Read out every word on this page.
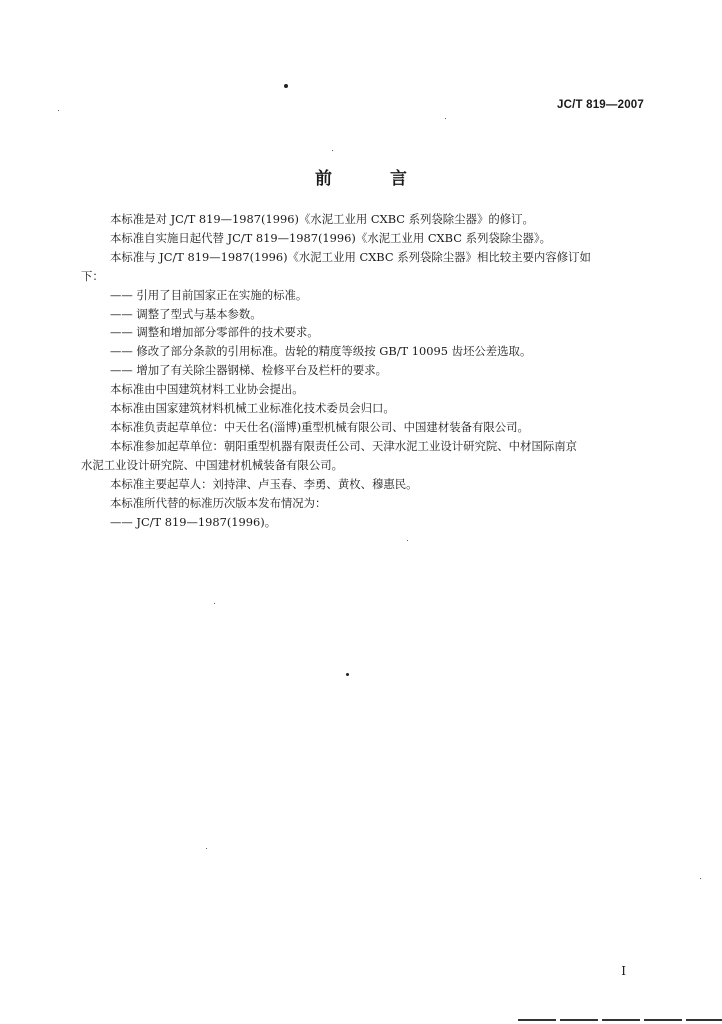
JC/T 819—2007
前 言

本标准是对 JC/T 819—1987(1996)《水泥工业用 CXBC 系列袋除尘器》的修订。

本标准自实施日起代替 JC/T 819—1987(1996)《水泥工业用 CXBC 系列袋除尘器》。

本标准与 JC/T 819—1987(1996)《水泥工业用 CXBC 系列袋除尘器》相比较主要内容修订如

下：

—— 引用了目前国家正在实施的标准。

—— 调整了型式与基本参数。

—— 调整和增加部分零部件的技术要求。

—— 修改了部分条款的引用标准。齿轮的精度等级按 GB/T 10095 齿坯公差选取。

—— 增加了有关除尘器钢梯、检修平台及栏杆的要求。

本标准由中国建筑材料工业协会提出。

本标准由国家建筑材料机械工业标准化技术委员会归口。

本标准负责起草单位：中天仕名(淄博)重型机械有限公司、中国建材装备有限公司。

本标准参加起草单位：朝阳重型机器有限责任公司、天津水泥工业设计研究院、中材国际南京

水泥工业设计研究院、中国建材机械装备有限公司。

本标准主要起草人：刘持津、卢玉春、李勇、黄枚、穆惠民。

本标准所代替的标准历次版本发布情况为：

—— JC/T 819—1987(1996)。

I
